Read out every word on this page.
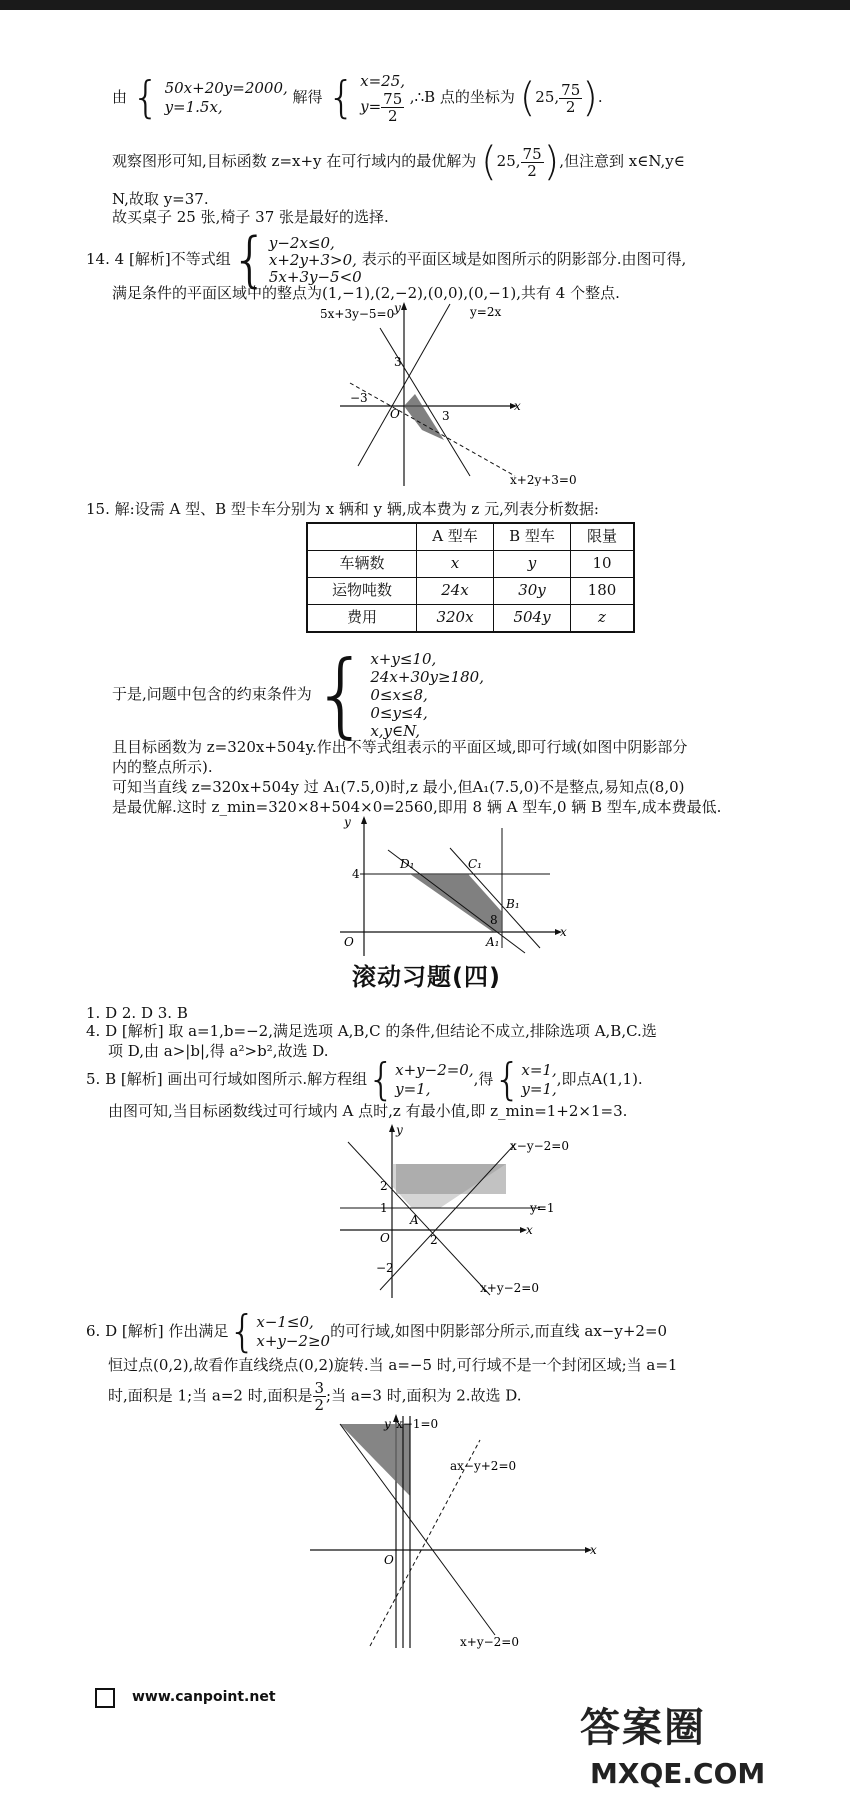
由 { 50x+20y=2000,
y=1.5x,
解得 { x=25,
$y= \frac{75}{2}$ ,∴B 点的坐标为 (25, $\frac{75}{2}$ ).
观察图形可知,目标函数 z=x+y 在可行域内的最优解为 (25, $\frac{75}{2}$ ),但注意到 x∈N,y∈
N,故取 y=37.
故买桌子 25 张,椅子 37 张是最好的选择.
14. 4 [解析]不等式组{ y−2x≤0,
x+2y+3>0,
5x+3y−5<0
表示的平面区域是如图所示的阴影部分.由图可得,
满足条件的平面区域中的整点为(1,−1),(2,−2),(0,0),(0,−1),共有 4 个整点.
5x+3y−5=0	y=2x
x+2y+3=0
x
y
3
−3
O	3
15. 解:设需 A 型、B 型卡车分别为 x 辆和 y 辆,成本费为 z 元,列表分析数据:
	A 型车	B 型车	限量
车辆数	x	y	10
运物吨数	24x	30y	180
费用	320x	504y	z
于是,问题中包含的约束条件为{ x+y≤10,
24x+30y≥180,
0≤x≤8,
0≤y≤4,
x,y∈N,
且目标函数为 z=320x+504y.作出不等式组表示的平面区域,即可行域(如图中阴影部分
内的整点所示).
可知当直线 z=320x+504y 过 A₁(7.5,0)时,z 最小,但A₁(7.5,0)不是整点,易知点(8,0)
是最优解.这时 z_min=320×8+504×0=2560,即用 8 辆 A 型车,0 辆 B 型车,成本费最低.
y
x
O
4
8
D₁	C₁
B₁
A₁
滚动习题(四)
1. D 2. D 3. B
4. D [解析] 取 a=1,b=−2,满足选项 A,B,C 的条件,但结论不成立,排除选项 A,B,C.选
项 D,由 a>|b|,得 a²>b²,故选 D.
5. B [解析] 画出可行域如图所示.解方程组{ x+y−2=0,
y=1,
,得{ x=1,
y=1,
,即点A(1,1).
由图可知,当目标函数线过可行域内 A 点时,z 有最小值,即 z_min=1+2×1=3.
x−y−2=0
y=1
x+y−2=0
x
y
2
1
O	2
−2
A
6. D [解析] 作出满足{ x−1≤0,
x+y−2≥0
的可行域,如图中阴影部分所示,而直线 ax−y+2=0
恒过点(0,2),故看作直线绕点(0,2)旋转.当 a=−5 时,可行域不是一个封闭区域;当 a=1
时,面积是 1;当 a=2 时,面积是 $\frac{3}{2}$ ;当 a=3 时,面积为 2.故选 D.
x−1=0
ax−y+2=0
x+y−2=0
y
x
O
www.canpoint.net
答案圈
MXQE.COM
